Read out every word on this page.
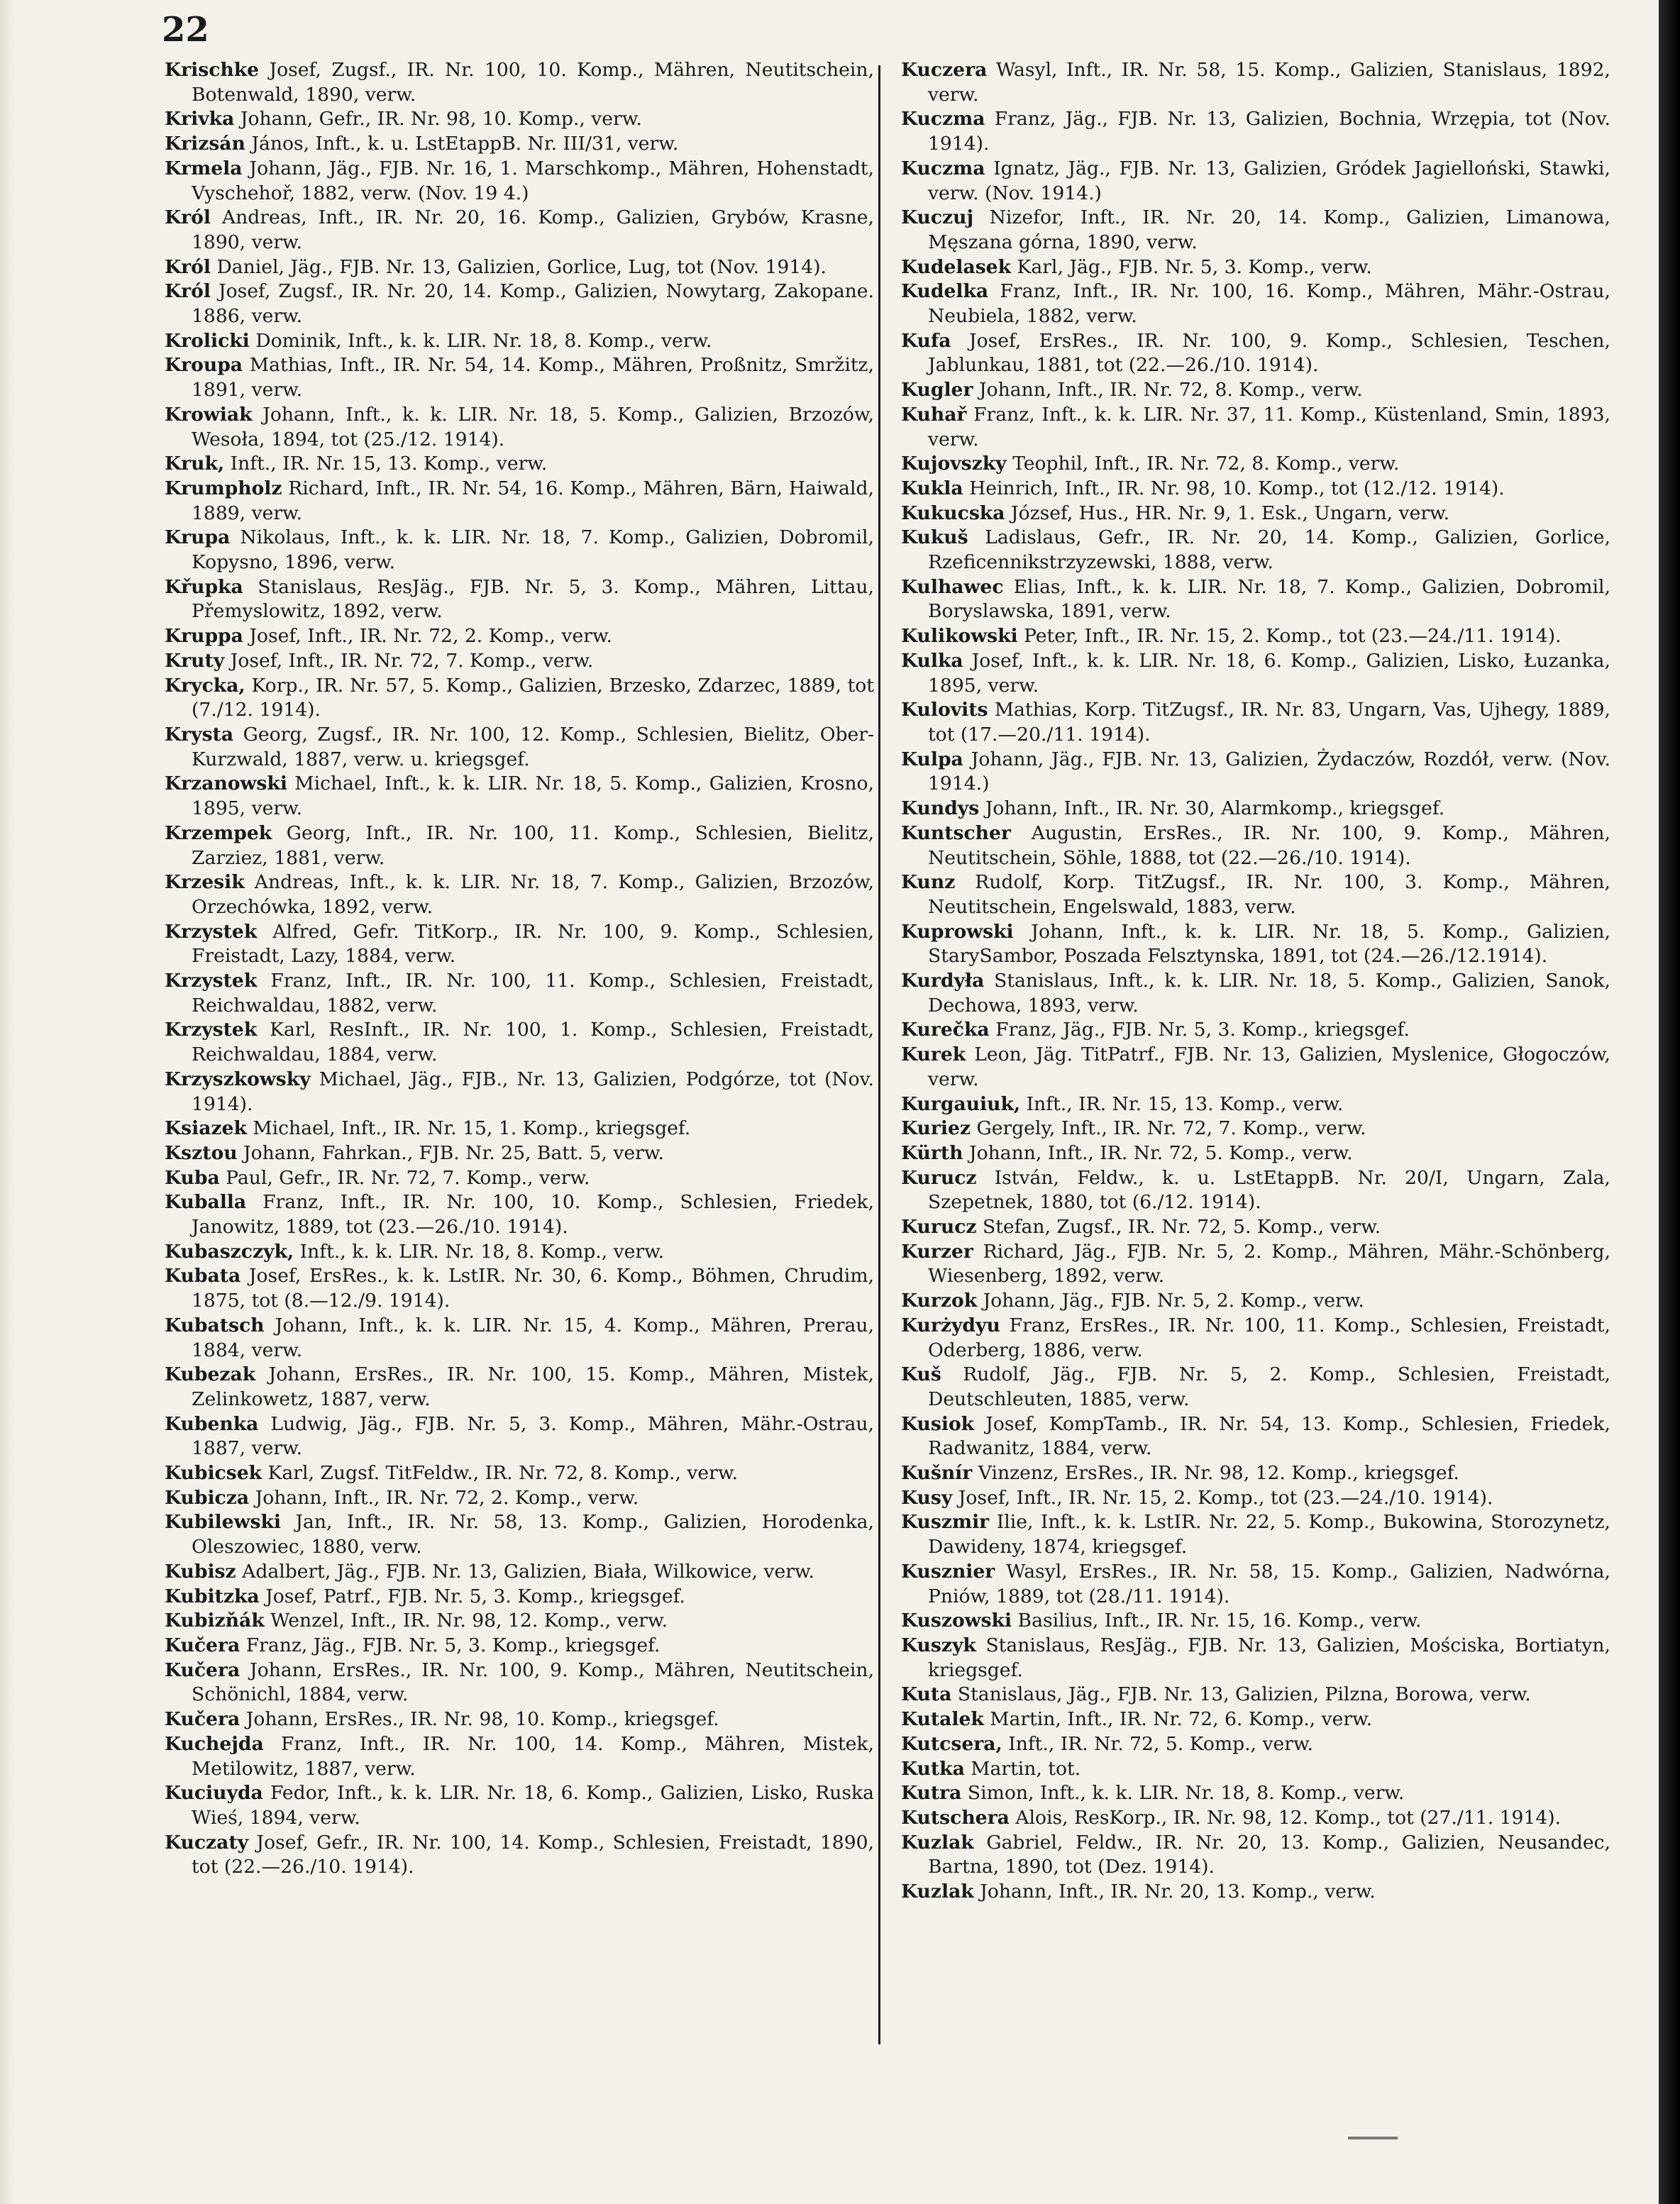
22

Krischke Josef, Zugsf., IR. Nr. 100, 10. Komp., Mähren, Neutitschein, Botenwald, 1890, verw.

Krivka Johann, Gefr., IR. Nr. 98, 10. Komp., verw.

Krizsán János, Inft., k. u. LstEtappB. Nr. III/31, verw.

Krmela Johann, Jäg., FJB. Nr. 16, 1. Marschkomp., Mähren, Hohenstadt, Vyschehoř, 1882, verw. (Nov. 19 4.)

Król Andreas, Inft., IR. Nr. 20, 16. Komp., Galizien, Grybów, Krasne, 1890, verw.

Król Daniel, Jäg., FJB. Nr. 13, Galizien, Gorlice, Lug, tot (Nov. 1914).

Król Josef, Zugsf., IR. Nr. 20, 14. Komp., Galizien, Nowytarg, Zakopane. 1886, verw.

Krolicki Dominik, Inft., k. k. LIR. Nr. 18, 8. Komp., verw.

Kroupa Mathias, Inft., IR. Nr. 54, 14. Komp., Mähren, Proßnitz, Smržitz, 1891, verw.

Krowiak Johann, Inft., k. k. LIR. Nr. 18, 5. Komp., Galizien, Brzozów, Wesoła, 1894, tot (25./12. 1914).

Kruk, Inft., IR. Nr. 15, 13. Komp., verw.

Krumpholz Richard, Inft., IR. Nr. 54, 16. Komp., Mähren, Bärn, Haiwald, 1889, verw.

Krupa Nikolaus, Inft., k. k. LIR. Nr. 18, 7. Komp., Galizien, Dobromil, Kopysno, 1896, verw.

Křupka Stanislaus, ResJäg., FJB. Nr. 5, 3. Komp., Mähren, Littau, Přemyslowitz, 1892, verw.

Kruppa Josef, Inft., IR. Nr. 72, 2. Komp., verw.

Kruty Josef, Inft., IR. Nr. 72, 7. Komp., verw.

Krycka, Korp., IR. Nr. 57, 5. Komp., Galizien, Brzesko, Zdarzec, 1889, tot (7./12. 1914).

Krysta Georg, Zugsf., IR. Nr. 100, 12. Komp., Schlesien, Bielitz, Ober-Kurzwald, 1887, verw. u. kriegsgef.

Krzanowski Michael, Inft., k. k. LIR. Nr. 18, 5. Komp., Galizien, Krosno, 1895, verw.

Krzempek Georg, Inft., IR. Nr. 100, 11. Komp., Schlesien, Bielitz, Zarziez, 1881, verw.

Krzesik Andreas, Inft., k. k. LIR. Nr. 18, 7. Komp., Galizien, Brzozów, Orzechówka, 1892, verw.

Krzystek Alfred, Gefr. TitKorp., IR. Nr. 100, 9. Komp., Schlesien, Freistadt, Lazy, 1884, verw.

Krzystek Franz, Inft., IR. Nr. 100, 11. Komp., Schlesien, Freistadt, Reichwaldau, 1882, verw.

Krzystek Karl, ResInft., IR. Nr. 100, 1. Komp., Schlesien, Freistadt, Reichwaldau, 1884, verw.

Krzyszkowsky Michael, Jäg., FJB., Nr. 13, Galizien, Podgórze, tot (Nov. 1914).

Ksiazek Michael, Inft., IR. Nr. 15, 1. Komp., kriegsgef.

Ksztou Johann, Fahrkan., FJB. Nr. 25, Batt. 5, verw.

Kuba Paul, Gefr., IR. Nr. 72, 7. Komp., verw.

Kuballa Franz, Inft., IR. Nr. 100, 10. Komp., Schlesien, Friedek, Janowitz, 1889, tot (23.—26./10. 1914).

Kubaszczyk, Inft., k. k. LIR. Nr. 18, 8. Komp., verw.

Kubata Josef, ErsRes., k. k. LstIR. Nr. 30, 6. Komp., Böhmen, Chrudim, 1875, tot (8.—12./9. 1914).

Kubatsch Johann, Inft., k. k. LIR. Nr. 15, 4. Komp., Mähren, Prerau, 1884, verw.

Kubezak Johann, ErsRes., IR. Nr. 100, 15. Komp., Mähren, Mistek, Zelinkowetz, 1887, verw.

Kubenka Ludwig, Jäg., FJB. Nr. 5, 3. Komp., Mähren, Mähr.-Ostrau, 1887, verw.

Kubicsek Karl, Zugsf. TitFeldw., IR. Nr. 72, 8. Komp., verw.

Kubicza Johann, Inft., IR. Nr. 72, 2. Komp., verw.

Kubilewski Jan, Inft., IR. Nr. 58, 13. Komp., Galizien, Horodenka, Oleszowiec, 1880, verw.

Kubisz Adalbert, Jäg., FJB. Nr. 13, Galizien, Biała, Wilkowice, verw.

Kubitzka Josef, Patrf., FJB. Nr. 5, 3. Komp., kriegsgef.

Kubizňák Wenzel, Inft., IR. Nr. 98, 12. Komp., verw.

Kučera Franz, Jäg., FJB. Nr. 5, 3. Komp., kriegsgef.

Kučera Johann, ErsRes., IR. Nr. 100, 9. Komp., Mähren, Neutitschein, Schönichl, 1884, verw.

Kučera Johann, ErsRes., IR. Nr. 98, 10. Komp., kriegsgef.

Kuchejda Franz, Inft., IR. Nr. 100, 14. Komp., Mähren, Mistek, Metilowitz, 1887, verw.

Kuciuyda Fedor, Inft., k. k. LIR. Nr. 18, 6. Komp., Galizien, Lisko, Ruska Wieś, 1894, verw.

Kuczaty Josef, Gefr., IR. Nr. 100, 14. Komp., Schlesien, Freistadt, 1890, tot (22.—26./10. 1914).

Kuczera Wasyl, Inft., IR. Nr. 58, 15. Komp., Galizien, Stanislaus, 1892, verw.

Kuczma Franz, Jäg., FJB. Nr. 13, Galizien, Bochnia, Wrzępia, tot (Nov. 1914).

Kuczma Ignatz, Jäg., FJB. Nr. 13, Galizien, Gródek Jagielloński, Stawki, verw. (Nov. 1914.)

Kuczuj Nizefor, Inft., IR. Nr. 20, 14. Komp., Galizien, Limanowa, Męszana górna, 1890, verw.

Kudelasek Karl, Jäg., FJB. Nr. 5, 3. Komp., verw.

Kudelka Franz, Inft., IR. Nr. 100, 16. Komp., Mähren, Mähr.-Ostrau, Neubiela, 1882, verw.

Kufa Josef, ErsRes., IR. Nr. 100, 9. Komp., Schlesien, Teschen, Jablunkau, 1881, tot (22.—26./10. 1914).

Kugler Johann, Inft., IR. Nr. 72, 8. Komp., verw.

Kuhař Franz, Inft., k. k. LIR. Nr. 37, 11. Komp., Küstenland, Smin, 1893, verw.

Kujovszky Teophil, Inft., IR. Nr. 72, 8. Komp., verw.

Kukla Heinrich, Inft., IR. Nr. 98, 10. Komp., tot (12./12. 1914).

Kukucska József, Hus., HR. Nr. 9, 1. Esk., Ungarn, verw.

Kukuš Ladislaus, Gefr., IR. Nr. 20, 14. Komp., Galizien, Gorlice, Rzeficennikstrzyzewski, 1888, verw.

Kulhawec Elias, Inft., k. k. LIR. Nr. 18, 7. Komp., Galizien, Dobromil, Boryslawska, 1891, verw.

Kulikowski Peter, Inft., IR. Nr. 15, 2. Komp., tot (23.—24./11. 1914).

Kulka Josef, Inft., k. k. LIR. Nr. 18, 6. Komp., Galizien, Lisko, Łuzanka, 1895, verw.

Kulovits Mathias, Korp. TitZugsf., IR. Nr. 83, Ungarn, Vas, Ujhegy, 1889, tot (17.—20./11. 1914).

Kulpa Johann, Jäg., FJB. Nr. 13, Galizien, Żydaczów, Rozdół, verw. (Nov. 1914.)

Kundys Johann, Inft., IR. Nr. 30, Alarmkomp., kriegsgef.

Kuntscher Augustin, ErsRes., IR. Nr. 100, 9. Komp., Mähren, Neutitschein, Söhle, 1888, tot (22.—26./10. 1914).

Kunz Rudolf, Korp. TitZugsf., IR. Nr. 100, 3. Komp., Mähren, Neutitschein, Engelswald, 1883, verw.

Kuprowski Johann, Inft., k. k. LIR. Nr. 18, 5. Komp., Galizien, StarySambor, Poszada Felsztynska, 1891, tot (24.—26./12.1914).

Kurdyła Stanislaus, Inft., k. k. LIR. Nr. 18, 5. Komp., Galizien, Sanok, Dechowa, 1893, verw.

Kurečka Franz, Jäg., FJB. Nr. 5, 3. Komp., kriegsgef.

Kurek Leon, Jäg. TitPatrf., FJB. Nr. 13, Galizien, Myslenice, Głogoczów, verw.

Kurgauiuk, Inft., IR. Nr. 15, 13. Komp., verw.

Kuriez Gergely, Inft., IR. Nr. 72, 7. Komp., verw.

Kürth Johann, Inft., IR. Nr. 72, 5. Komp., verw.

Kurucz István, Feldw., k. u. LstEtappB. Nr. 20/I, Ungarn, Zala, Szepetnek, 1880, tot (6./12. 1914).

Kurucz Stefan, Zugsf., IR. Nr. 72, 5. Komp., verw.

Kurzer Richard, Jäg., FJB. Nr. 5, 2. Komp., Mähren, Mähr.-Schönberg, Wiesenberg, 1892, verw.

Kurzok Johann, Jäg., FJB. Nr. 5, 2. Komp., verw.

Kurżydyu Franz, ErsRes., IR. Nr. 100, 11. Komp., Schlesien, Freistadt, Oderberg, 1886, verw.

Kuš Rudolf, Jäg., FJB. Nr. 5, 2. Komp., Schlesien, Freistadt, Deutschleuten, 1885, verw.

Kusiok Josef, KompTamb., IR. Nr. 54, 13. Komp., Schlesien, Friedek, Radwanitz, 1884, verw.

Kušnír Vinzenz, ErsRes., IR. Nr. 98, 12. Komp., kriegsgef.

Kusy Josef, Inft., IR. Nr. 15, 2. Komp., tot (23.—24./10. 1914).

Kuszmir Ilie, Inft., k. k. LstIR. Nr. 22, 5. Komp., Bukowina, Storozynetz, Dawideny, 1874, kriegsgef.

Kusznier Wasyl, ErsRes., IR. Nr. 58, 15. Komp., Galizien, Nadwórna, Pniów, 1889, tot (28./11. 1914).

Kuszowski Basilius, Inft., IR. Nr. 15, 16. Komp., verw.

Kuszyk Stanislaus, ResJäg., FJB. Nr. 13, Galizien, Mościska, Bortiatyn, kriegsgef.

Kuta Stanislaus, Jäg., FJB. Nr. 13, Galizien, Pilzna, Borowa, verw.

Kutalek Martin, Inft., IR. Nr. 72, 6. Komp., verw.

Kutcsera, Inft., IR. Nr. 72, 5. Komp., verw.

Kutka Martin, tot.

Kutra Simon, Inft., k. k. LIR. Nr. 18, 8. Komp., verw.

Kutschera Alois, ResKorp., IR. Nr. 98, 12. Komp., tot (27./11. 1914).

Kuzlak Gabriel, Feldw., IR. Nr. 20, 13. Komp., Galizien, Neusandec, Bartna, 1890, tot (Dez. 1914).

Kuzlak Johann, Inft., IR. Nr. 20, 13. Komp., verw.
